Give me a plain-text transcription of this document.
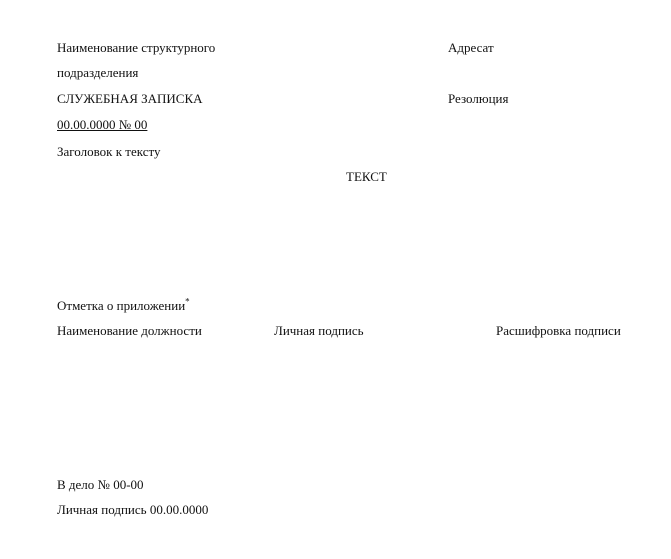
Наименование структурного
подразделения
Адресат
СЛУЖЕБНАЯ ЗАПИСКА	Резолюция
00.00.0000 № 00
Заголовок к тексту
ТЕКСТ
Отметка о приложении*
Наименование должности	Личная подпись	Расшифровка подписи
В дело № 00-00
Личная подпись 00.00.0000
